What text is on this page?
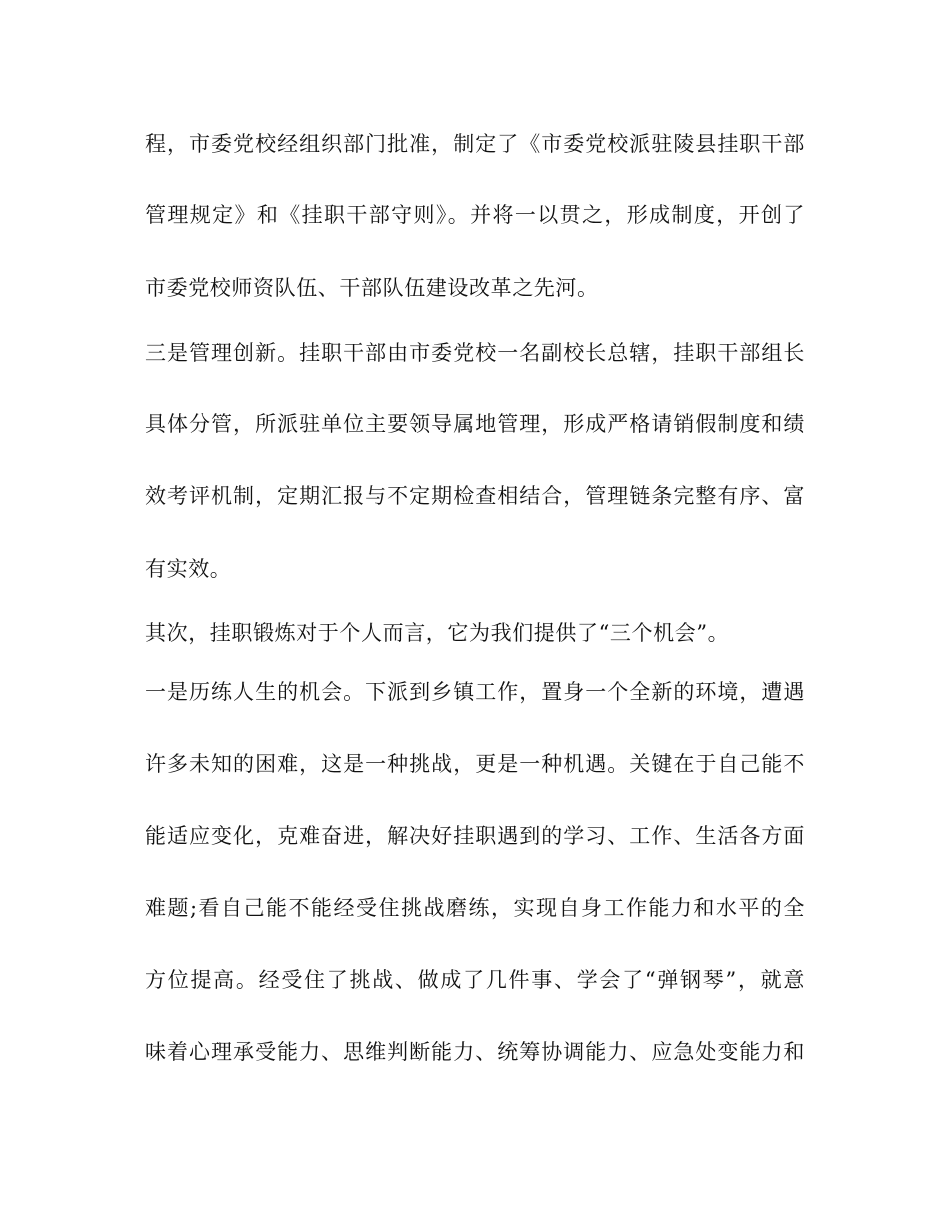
程，市委党校经组织部门批准，制定了《市委党校派驻陵县挂职干部

管理规定》和《挂职干部守则》。并将一以贯之，形成制度，开创了

市委党校师资队伍、干部队伍建设改革之先河。

三是管理创新。挂职干部由市委党校一名副校长总辖，挂职干部组长

具体分管，所派驻单位主要领导属地管理，形成严格请销假制度和绩

效考评机制，定期汇报与不定期检查相结合，管理链条完整有序、富

有实效。

其次，挂职锻炼对于个人而言，它为我们提供了“三个机会”。

一是历练人生的机会。下派到乡镇工作，置身一个全新的环境，遭遇

许多未知的困难，这是一种挑战，更是一种机遇。关键在于自己能不

能适应变化，克难奋进，解决好挂职遇到的学习、工作、生活各方面

难题;看自己能不能经受住挑战磨练，实现自身工作能力和水平的全

方位提高。经受住了挑战、做成了几件事、学会了“弹钢琴”，就意

味着心理承受能力、思维判断能力、统筹协调能力、应急处变能力和
